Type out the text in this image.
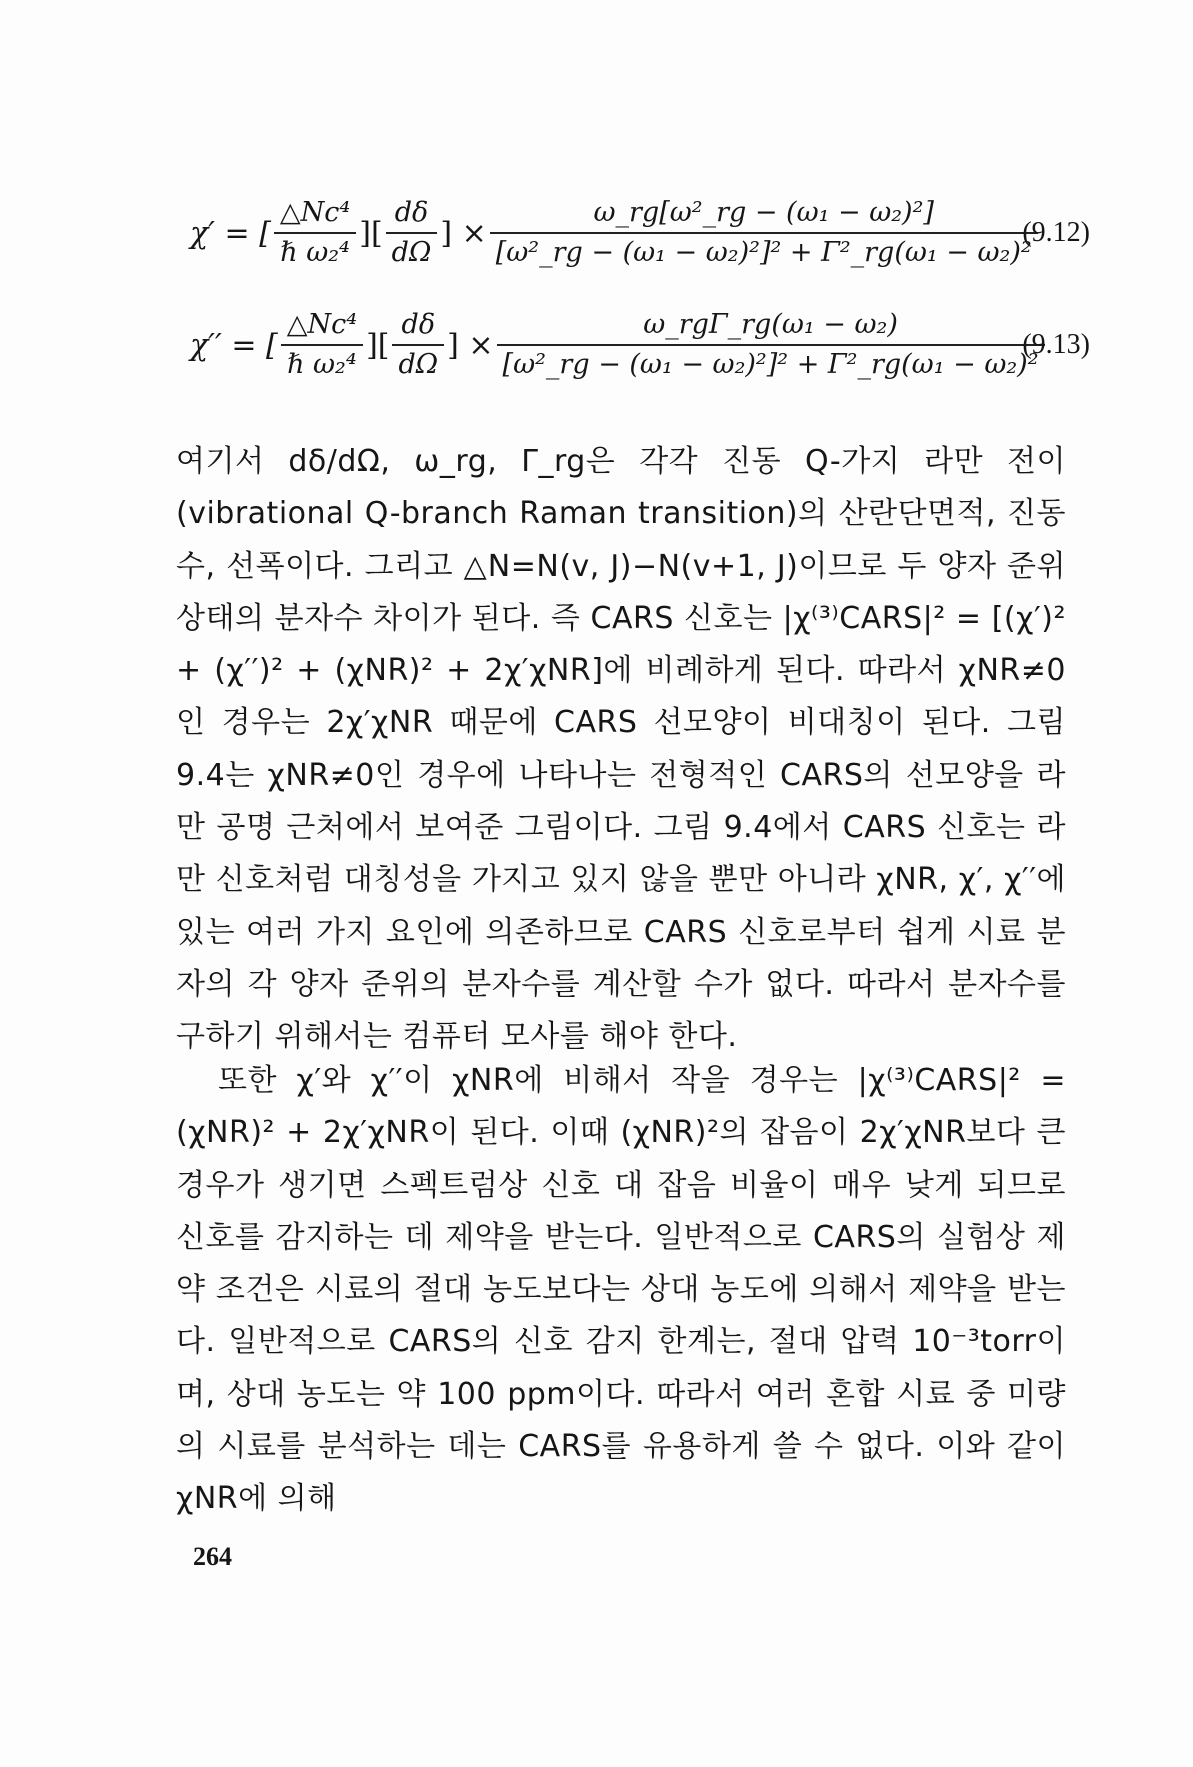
χ′ = [ $\frac{\text{△Nc⁴}}{\text{ℏ ω₂⁴}}$ ][ $\frac{d\delta}{d\Omega}$ ] × $\frac{\text{ω\_rg[ω²\_rg − (ω₁ − ω₂)²]}}{\text{[ω²\_rg − (ω₁ − ω₂)²]² + Γ²\_rg(ω₁ − ω₂)²}}$
(9.12)
χ′′ = [ $\frac{\text{△Nc⁴}}{\text{ℏ ω₂⁴}}$ ][ $\frac{d\delta}{d\Omega}$ ] × $\frac{\text{ω\_rgΓ\_rg(ω₁ − ω₂)}}{\text{[ω²\_rg − (ω₁ − ω₂)²]² + Γ²\_rg(ω₁ − ω₂)²}}$
(9.13)

여기서 dδ/dΩ, ω_rg, Γ_rg은 각각 진동 Q-가지 라만 전이(vibrational Q-branch Raman transition)의 산란단면적, 진동수, 선폭이다. 그리고 △N=N(v, J)−N(v+1, J)이므로 두 양자 준위 상태의 분자수 차이가 된다. 즉 CARS 신호는 |χ⁽³⁾CARS|² = [(χ′)² + (χ′′)² + (χNR)² + 2χ′χNR]에 비례하게 된다. 따라서 χNR≠0인 경우는 2χ′χNR 때문에 CARS 선모양이 비대칭이 된다. 그림 9.4는 χNR≠0인 경우에 나타나는 전형적인 CARS의 선모양을 라만 공명 근처에서 보여준 그림이다. 그림 9.4에서 CARS 신호는 라만 신호처럼 대칭성을 가지고 있지 않을 뿐만 아니라 χNR, χ′, χ′′에 있는 여러 가지 요인에 의존하므로 CARS 신호로부터 쉽게 시료 분자의 각 양자 준위의 분자수를 계산할 수가 없다. 따라서 분자수를 구하기 위해서는 컴퓨터 모사를 해야 한다.

또한 χ′와 χ′′이 χNR에 비해서 작을 경우는 |χ⁽³⁾CARS|² = (χNR)² + 2χ′χNR이 된다. 이때 (χNR)²의 잡음이 2χ′χNR보다 큰 경우가 생기면 스펙트럼상 신호 대 잡음 비율이 매우 낮게 되므로 신호를 감지하는 데 제약을 받는다. 일반적으로 CARS의 실험상 제약 조건은 시료의 절대 농도보다는 상대 농도에 의해서 제약을 받는다. 일반적으로 CARS의 신호 감지 한계는, 절대 압력 10⁻³torr이며, 상대 농도는 약 100 ppm이다. 따라서 여러 혼합 시료 중 미량의 시료를 분석하는 데는 CARS를 유용하게 쓸 수 없다. 이와 같이 χNR에 의해

264
